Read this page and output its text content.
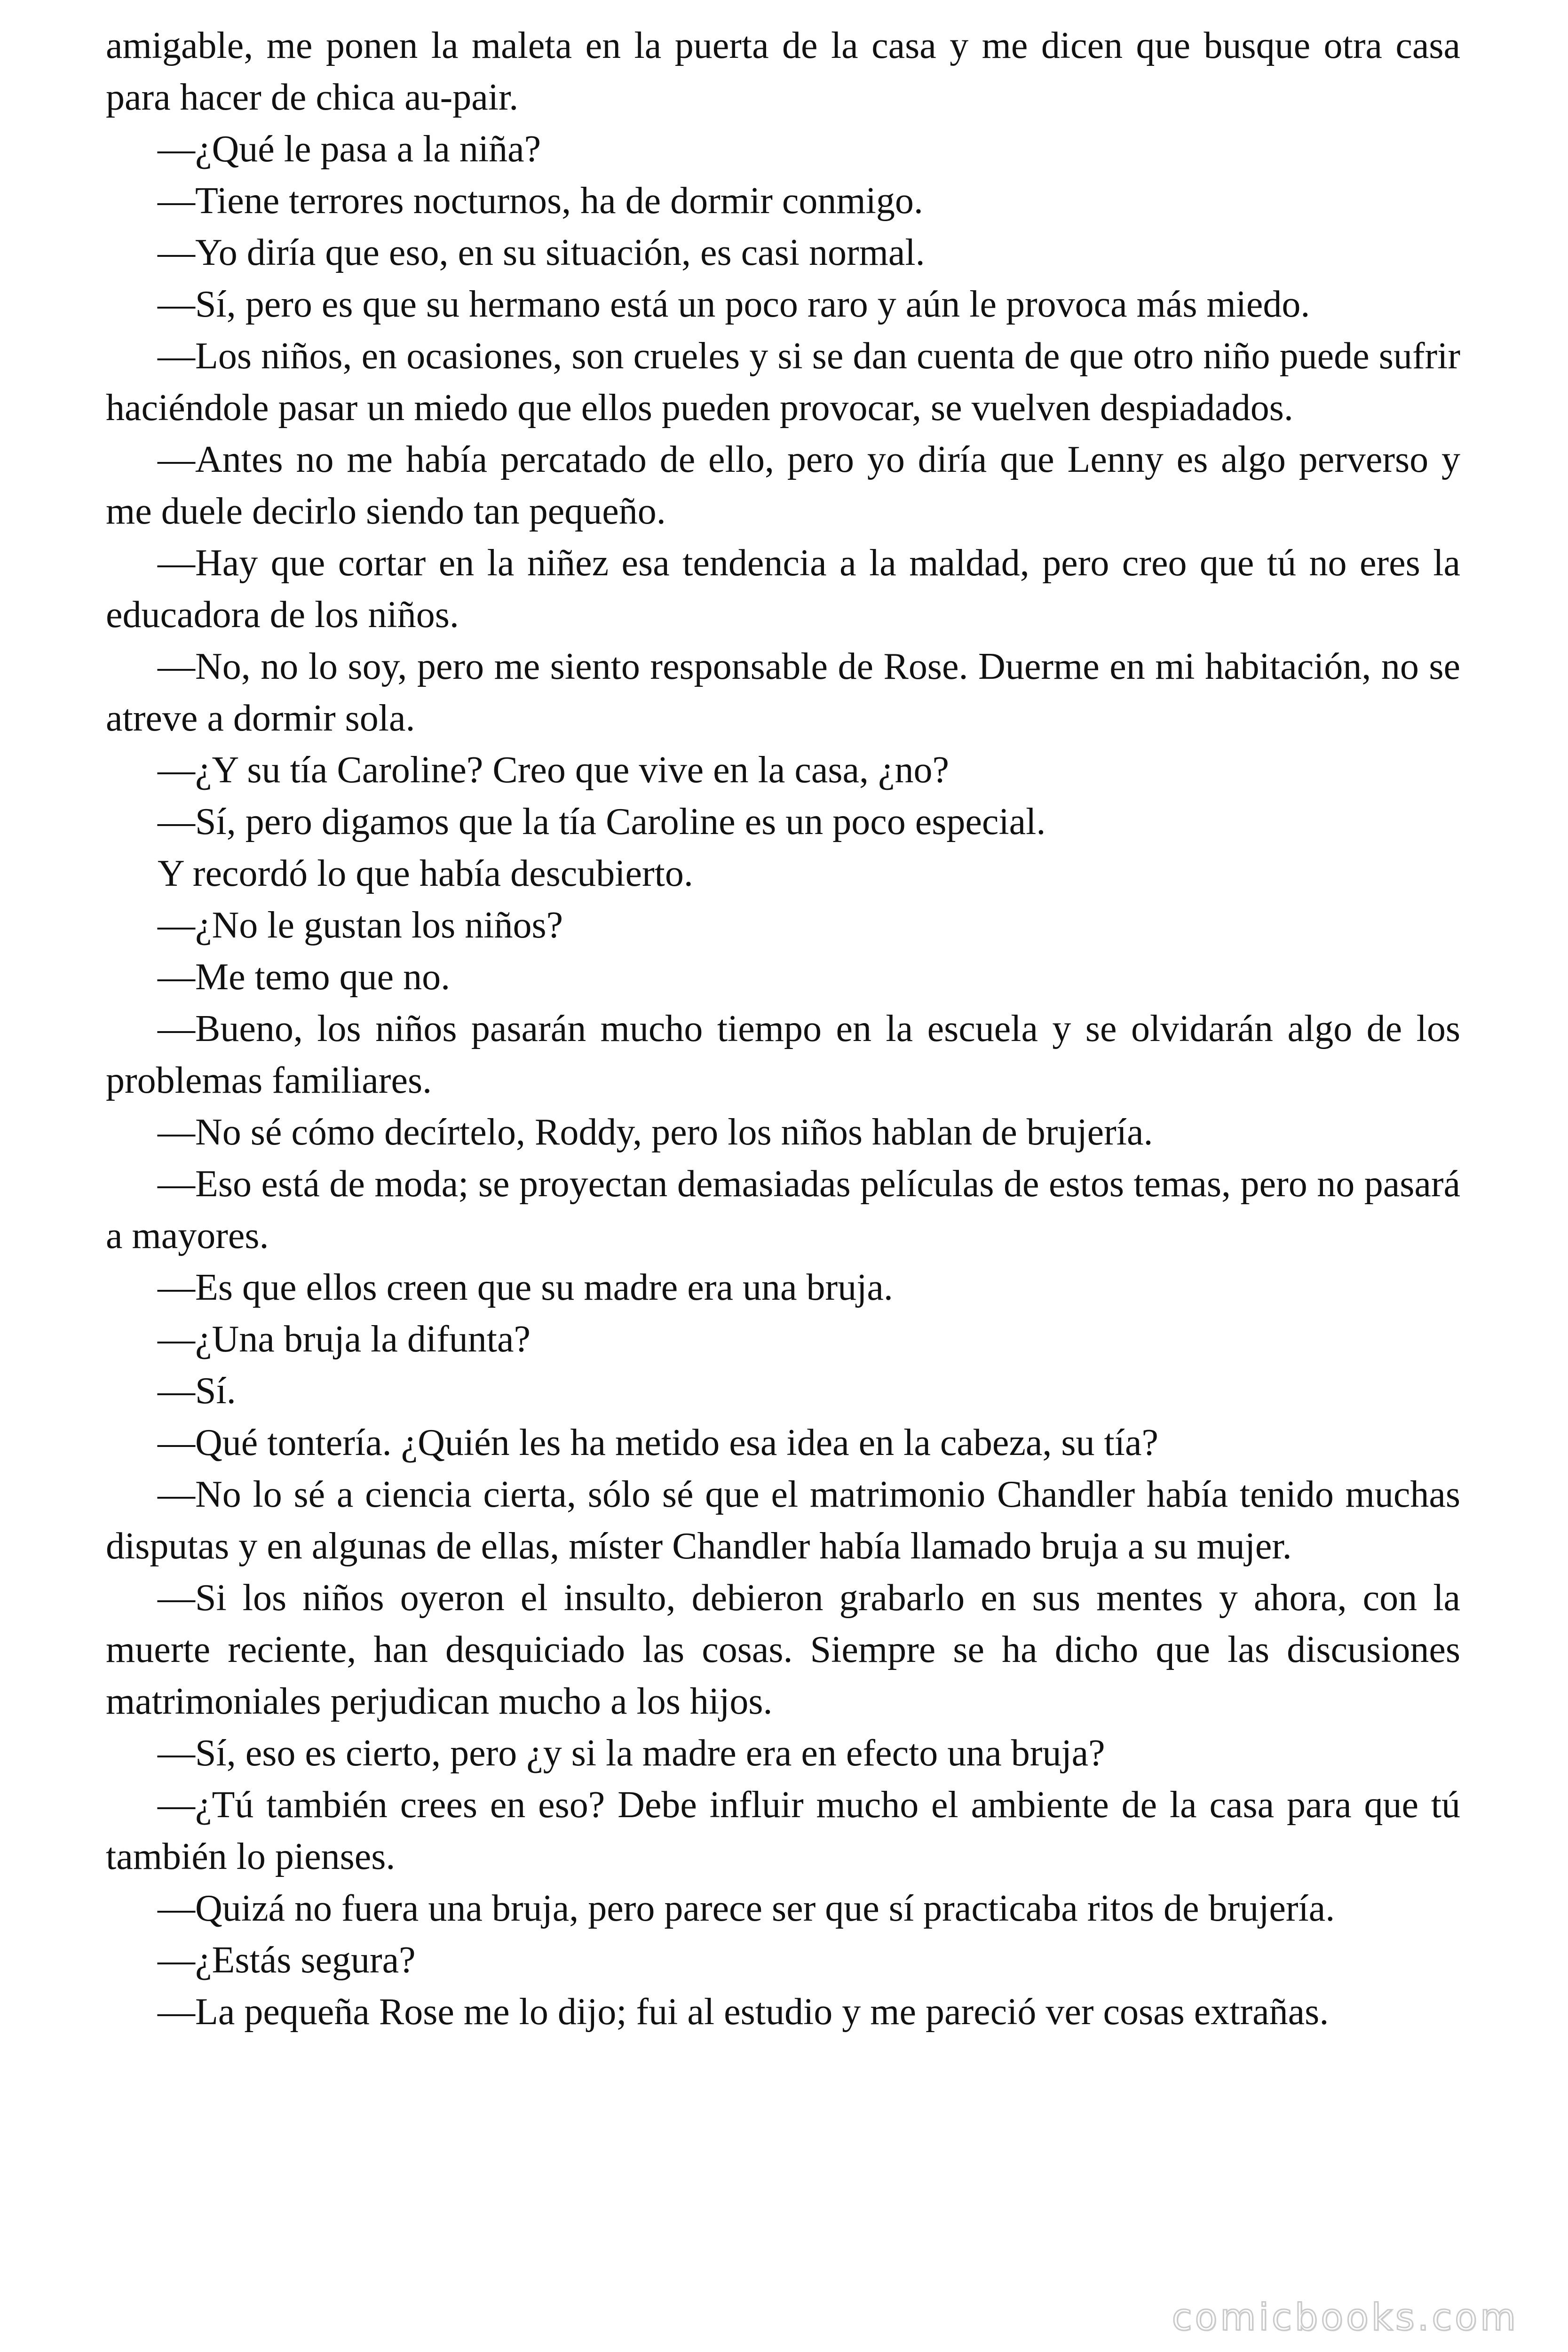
amigable, me ponen la maleta en la puerta de la casa y me dicen que busque otra casa para hacer de chica au-pair.

—¿Qué le pasa a la niña?

—Tiene terrores nocturnos, ha de dormir conmigo.

—Yo diría que eso, en su situación, es casi normal.

—Sí, pero es que su hermano está un poco raro y aún le provoca más miedo.

—Los niños, en ocasiones, son crueles y si se dan cuenta de que otro niño puede sufrir haciéndole pasar un miedo que ellos pueden provocar, se vuelven despiadados.

—Antes no me había percatado de ello, pero yo diría que Lenny es algo perverso y me duele decirlo siendo tan pequeño.

—Hay que cortar en la niñez esa tendencia a la maldad, pero creo que tú no eres la educadora de los niños.

—No, no lo soy, pero me siento responsable de Rose. Duerme en mi habitación, no se atreve a dormir sola.

—¿Y su tía Caroline? Creo que vive en la casa, ¿no?

—Sí, pero digamos que la tía Caroline es un poco especial.

Y recordó lo que había descubierto.

—¿No le gustan los niños?

—Me temo que no.

—Bueno, los niños pasarán mucho tiempo en la escuela y se olvidarán algo de los problemas familiares.

—No sé cómo decírtelo, Roddy, pero los niños hablan de brujería.

—Eso está de moda; se proyectan demasiadas películas de estos temas, pero no pasará a mayores.

—Es que ellos creen que su madre era una bruja.

—¿Una bruja la difunta?

—Sí.

—Qué tontería. ¿Quién les ha metido esa idea en la cabeza, su tía?

—No lo sé a ciencia cierta, sólo sé que el matrimonio Chandler había tenido muchas disputas y en algunas de ellas, míster Chandler había llamado bruja a su mujer.

—Si los niños oyeron el insulto, debieron grabarlo en sus mentes y ahora, con la muerte reciente, han desquiciado las cosas. Siempre se ha dicho que las discusiones matrimoniales perjudican mucho a los hijos.

—Sí, eso es cierto, pero ¿y si la madre era en efecto una bruja?

—¿Tú también crees en eso? Debe influir mucho el ambiente de la casa para que tú también lo pienses.

—Quizá no fuera una bruja, pero parece ser que sí practicaba ritos de brujería.

—¿Estás segura?

—La pequeña Rose me lo dijo; fui al estudio y me pareció ver cosas extrañas.

comicbooks.com
